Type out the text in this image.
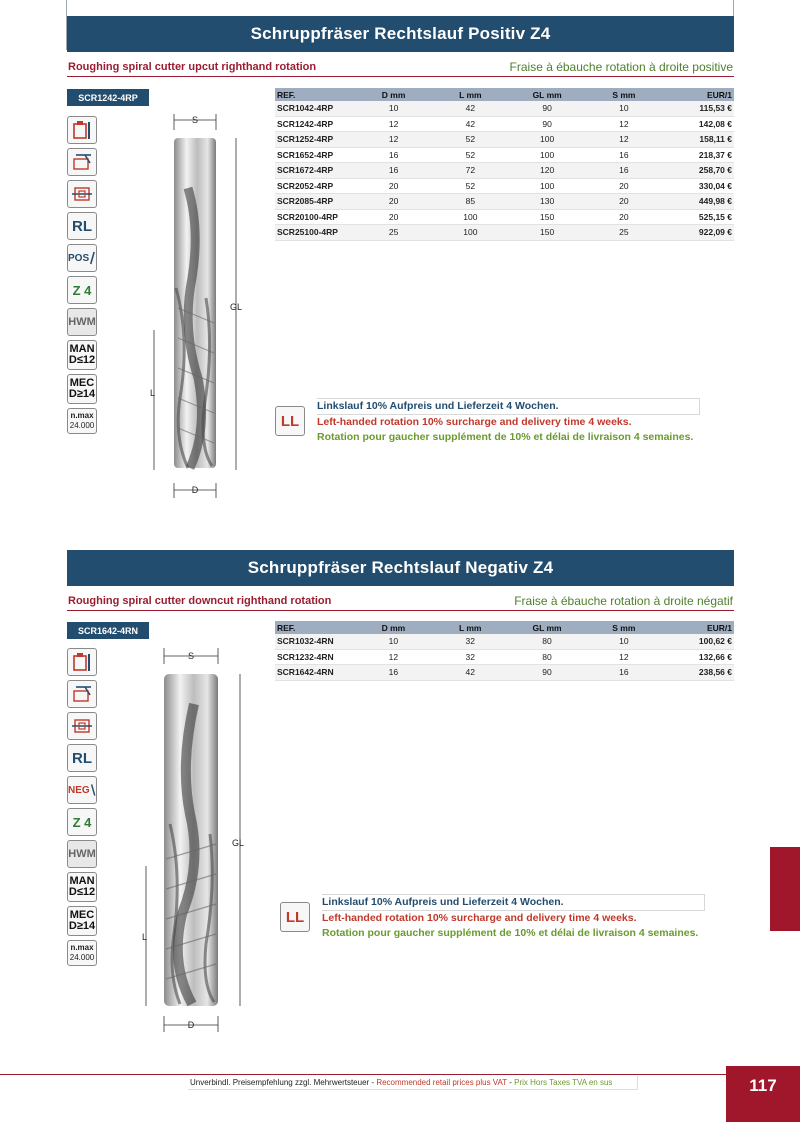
Schruppfräser Rechtslauf Positiv Z4
Roughing spiral cutter upcut righthand rotation	Fraise à ébauche rotation à droite positive
SCR1242-4RP
RL
POS
Z 4
HWM
MAN
D≤12
MEC
D≥14
n.max
24.000
S
GL
L
D
REF.	D mm	L mm	GL mm	S mm	EUR/1
SCR1042-4RP	10	42	90	10	115,53 €
SCR1242-4RP	12	42	90	12	142,08 €
SCR1252-4RP	12	52	100	12	158,11 €
SCR1652-4RP	16	52	100	16	218,37 €
SCR1672-4RP	16	72	120	16	258,70 €
SCR2052-4RP	20	52	100	20	330,04 €
SCR2085-4RP	20	85	130	20	449,98 €
SCR20100-4RP	20	100	150	20	525,15 €
SCR25100-4RP	25	100	150	25	922,09 €
LL
Linkslauf 10% Aufpreis und Lieferzeit 4 Wochen.
Left-handed rotation 10% surcharge and delivery time 4 weeks.
Rotation pour gaucher supplément de 10% et délai de livraison 4 semaines.
Schruppfräser Rechtslauf Negativ Z4
Roughing spiral cutter downcut righthand rotation	Fraise à ébauche rotation à droite négatif
SCR1642-4RN
RL
NEG
Z 4
HWM
MAN
D≤12
MEC
D≥14
n.max
24.000
S
GL
L
D
REF.	D mm	L mm	GL mm	S mm	EUR/1
SCR1032-4RN	10	32	80	10	100,62 €
SCR1232-4RN	12	32	80	12	132,66 €
SCR1642-4RN	16	42	90	16	238,56 €
LL
Linkslauf 10% Aufpreis und Lieferzeit 4 Wochen.
Left-handed rotation 10% surcharge and delivery time 4 weeks.
Rotation pour gaucher supplément de 10% et délai de livraison 4 semaines.
Unverbindl. Preisempfehlung zzgl. Mehrwertsteuer - Recommended retail prices plus VAT - Prix Hors Taxes TVA en sus	117
